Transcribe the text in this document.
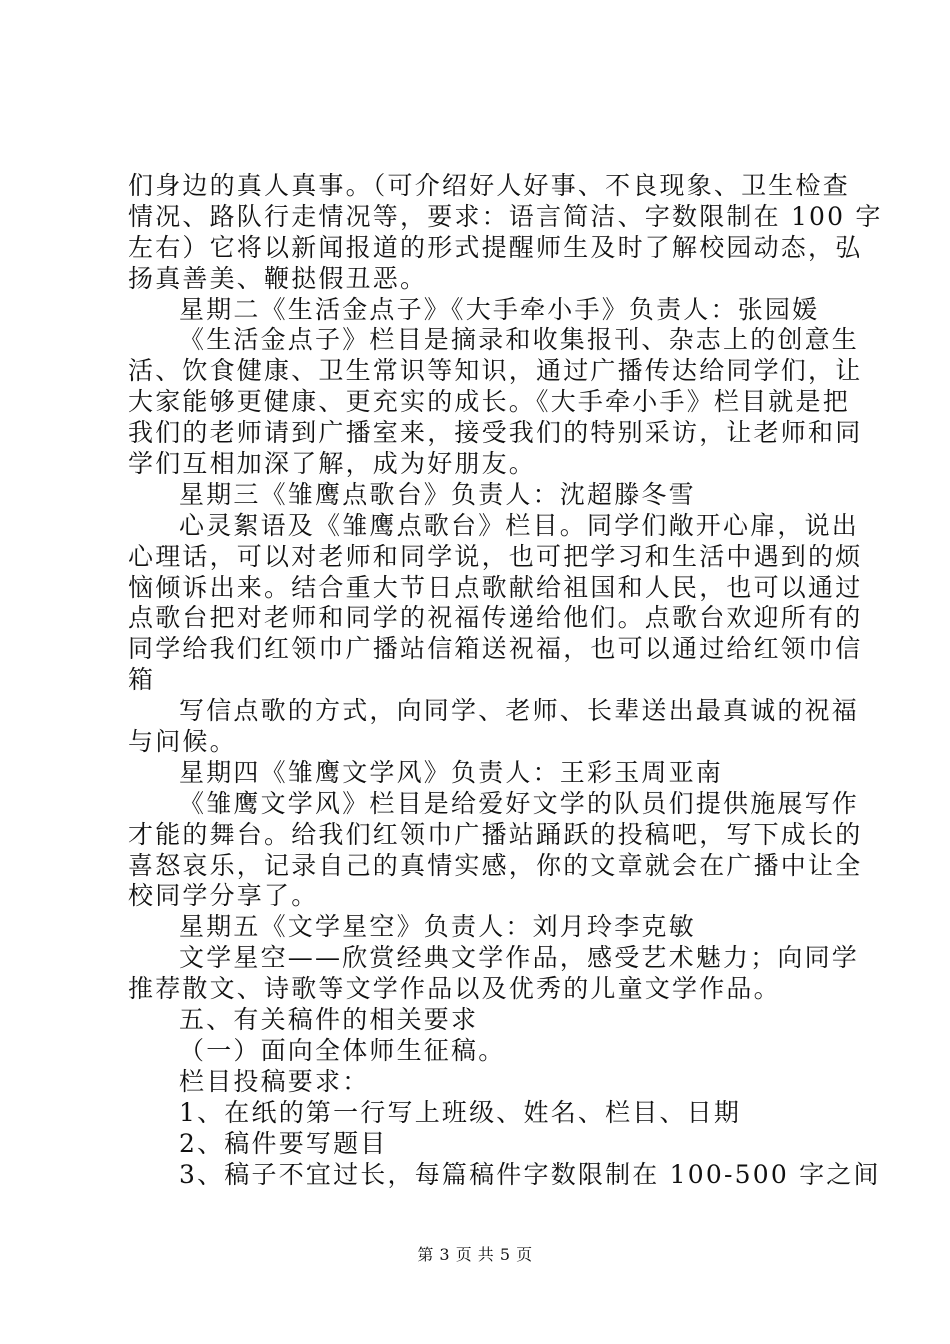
们身边的真人真事。（可介绍好人好事、不良现象、卫生检查
情况、路队行走情况等，要求：语言简洁、字数限制在 100 字
左右）它将以新闻报道的形式提醒师生及时了解校园动态，弘
扬真善美、鞭挞假丑恶。
星期二《生活金点子》《大手牵小手》负责人：张园媛
《生活金点子》栏目是摘录和收集报刊、杂志上的创意生
活、饮食健康、卫生常识等知识，通过广播传达给同学们，让
大家能够更健康、更充实的成长。《大手牵小手》栏目就是把
我们的老师请到广播室来，接受我们的特别采访，让老师和同
学们互相加深了解，成为好朋友。
星期三《雏鹰点歌台》负责人：沈超滕冬雪
心灵絮语及《雏鹰点歌台》栏目。同学们敞开心扉，说出
心理话，可以对老师和同学说，也可把学习和生活中遇到的烦
恼倾诉出来。结合重大节日点歌献给祖国和人民，也可以通过
点歌台把对老师和同学的祝福传递给他们。点歌台欢迎所有的
同学给我们红领巾广播站信箱送祝福，也可以通过给红领巾信
箱
写信点歌的方式，向同学、老师、长辈送出最真诚的祝福
与问候。
星期四《雏鹰文学风》负责人：王彩玉周亚南
《雏鹰文学风》栏目是给爱好文学的队员们提供施展写作
才能的舞台。给我们红领巾广播站踊跃的投稿吧，写下成长的
喜怒哀乐，记录自己的真情实感，你的文章就会在广播中让全
校同学分享了。
星期五《文学星空》负责人：刘月玲李克敏
文学星空——欣赏经典文学作品，感受艺术魅力；向同学
推荐散文、诗歌等文学作品以及优秀的儿童文学作品。
五、有关稿件的相关要求
（一）面向全体师生征稿。
栏目投稿要求：
1、在纸的第一行写上班级、姓名、栏目、日期
2、稿件要写题目
3、稿子不宜过长，每篇稿件字数限制在 100-500 字之间
第 3 页 共 5 页
